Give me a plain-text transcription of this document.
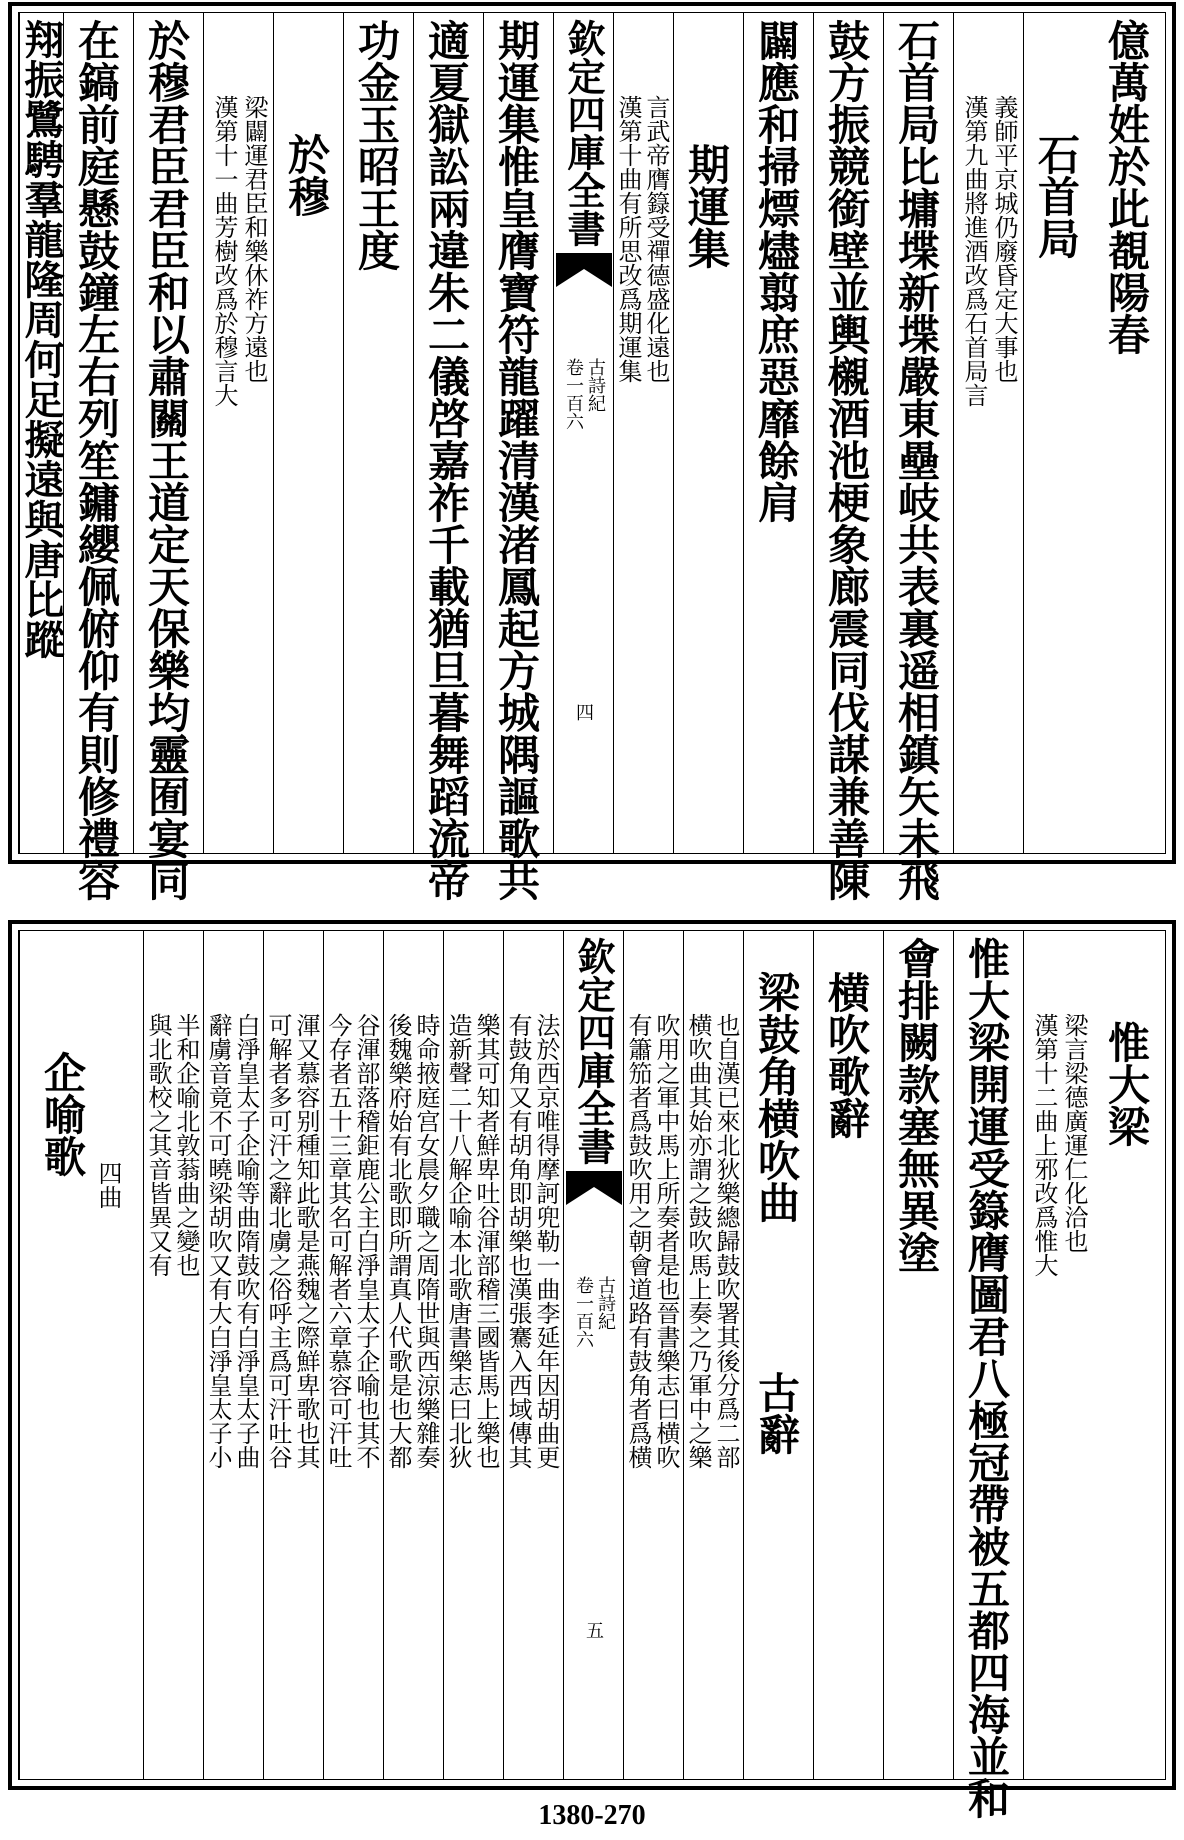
億萬姓於此覩陽春
石首局
漢第九曲將進酒改爲石首局言 義師平京城仍廢昏定大事也
石首局比墉堞新堞嚴東壘岐共表裏遥相鎮矢未飛
鼓方振競銜壁並輿櫬酒池梗象廊震同伐謀兼善陳
闢應和掃熛燼翦庶惡靡餘肩
期運集
漢第十曲有所思改爲期運集 言武帝膺籙受禪德盛化遠也
欽定四庫全書
古詩紀
卷一百六
四
期運集惟皇膺寶符龍躍清漢渚鳳起方城隅謳歌共
適夏獄訟兩違朱二儀啓嘉祚千載猶旦暮舞蹈流帝
功金玉昭王度
於穆
漢第十一曲芳樹改爲於穆言大 梁闢運君臣和樂休祚方遠也
於穆君臣君臣和以肅關王道定天保樂均靈囿宴同
在鎬前庭懸鼓鐘左右列笙鏞纓佩俯仰有則修禮容
翔振鷺騁羣龍隆周何足擬遠與唐比蹤
惟大梁
漢第十二曲上邪改爲惟大 梁言梁德廣運仁化洽也
惟大梁開運受籙膺圖君八極冠帶被五都四海並和
會排闕款塞無異塗
横吹歌辭
梁鼓角横吹曲
古辭
横吹曲其始亦謂之鼓吹馬上奏之乃軍中之樂 也自漢已來北狄樂總歸鼓吹署其後分爲二部
有簫笳者爲鼓吹用之朝會道路有鼓角者爲横 吹用之軍中馬上所奏者是也晉書樂志曰横吹
欽定四庫全書
古詩紀
卷一百六
五
有鼓角又有胡角即胡樂也漢張騫入西域傳其 法於西京唯得摩訶兜勒一曲李延年因胡曲更
造新聲二十八解企喻本北歌唐書樂志曰北狄 樂其可知者鮮卑吐谷渾部稽三國皆馬上樂也
後魏樂府始有北歌即所謂真人代歌是也大都 時命掖庭宫女晨夕職之周隋世與西涼樂雜奏
今存者五十三章其名可解者六章慕容可汗吐 谷渾部落稽鉅鹿公主白淨皇太子企喻也其不
可解者多可汗之辭北虜之俗呼主爲可汗吐谷 渾又慕容别種知此歌是燕魏之際鮮卑歌也其
辭虜音竟不可曉梁胡吹又有大白淨皇太子小 白淨皇太子企喻等曲隋鼓吹有白淨皇太子曲
與北歌校之其音皆異又有 半和企喻北敦蓊曲之變也
企喻歌
四曲
1380-270
